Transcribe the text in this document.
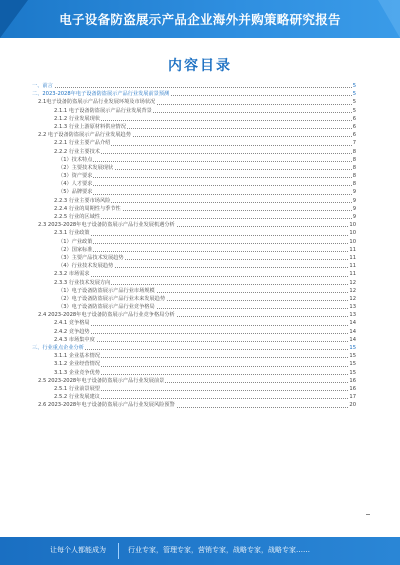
电子设备防盗展示产品企业海外并购策略研究报告
内容目录
一、前言	5
二、2023-2028年电子设备防盗展示产品行业发展前景预测	5
2.1电子设备防盗展示产品行业发展环境及市场状况	5
2.1.1 电子设备防盗展示产品行业发展背景	5
2.1.2 行业发展现状	6
2.1.3 行业上游原材料供应情况	6
2.2 电子设备防盗展示产品行业发展趋势	6
2.2.1 行业主要产品介绍	7
2.2.2 行业主要技术	8
（1）技术特点	8
（2）主要技术发展现状	8
（3）资产要求	8
（4）人才要求	8
（5）品牌要求	9
2.2.3 行业主要市场风险	9
2.2.4 行业的周期性与季节性	9
2.2.5 行业的区域性	9
2.3 2023-2028年电子设备防盗展示产品行业发展机遇分析	10
2.3.1 行业政策	10
（1）产业政策	10
（2）国家标准	11
（3）主要产品技术发展趋势	11
（4）行业技术发展趋势	11
2.3.2 市场需求	11
2.3.3 行业技术发展方向	12
（1）电子设备防盗展示产品行业市场规模	12
（2）电子设备防盗展示产品行业未来发展趋势	12
（3）电子设备防盗展示产品行业竞争格局	13
2.4 2023-2028年电子设备防盗展示产品行业竞争格局分析	13
2.4.1 竞争格局	14
2.4.2 竞争趋势	14
2.4.3 市场集中度	14
三、行业重点企业分析	15
3.1.1 企业基本情况	15
3.1.2 企业经营情况	15
3.1.3 企业竞争优势	15
2.5 2023-2028年电子设备防盗展示产品行业发展前景	16
2.5.1 行业前景展望	16
2.5.2 行业发展建议	17
2.6 2023-2028年电子设备防盗展示产品行业发展风险预警	20
让每个人都能成为	行业专家，管理专家，营销专家，战略专家，战略专家……
